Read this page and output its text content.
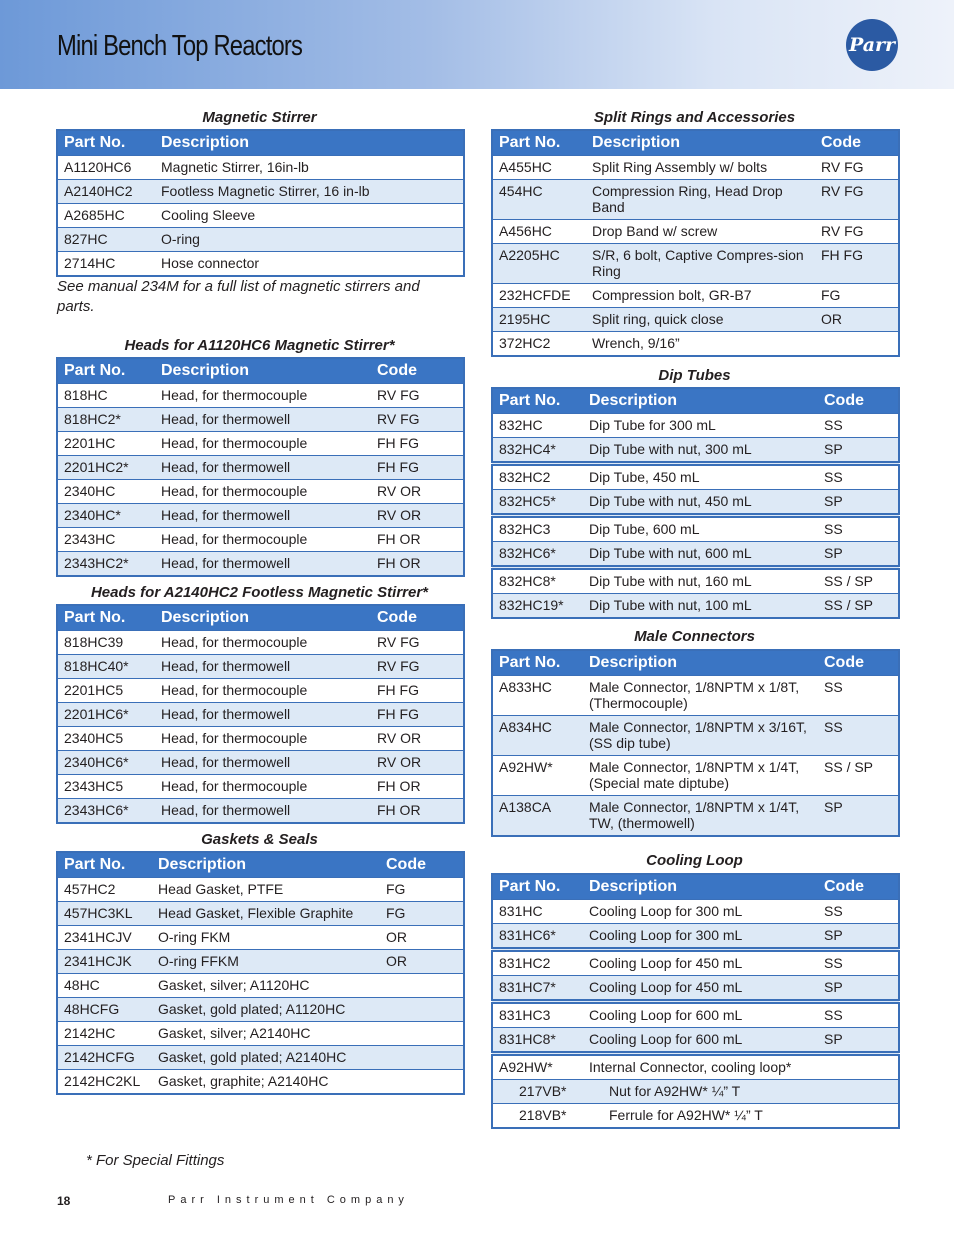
Mini Bench Top Reactors	Parr
Magnetic Stirrer
Part No.	Description
A1120HC6	Magnetic Stirrer, 16in-lb
A2140HC2	Footless Magnetic Stirrer, 16 in-lb
A2685HC	Cooling Sleeve
827HC	O-ring
2714HC	Hose connector
See manual 234M for a full list of magnetic stirrers and parts.
Heads for A1120HC6 Magnetic Stirrer*
Part No.	Description	Code
818HC	Head, for thermocouple	RV FG
818HC2*	Head, for thermowell	RV FG
2201HC	Head, for thermocouple	FH FG
2201HC2*	Head, for thermowell	FH FG
2340HC	Head, for thermocouple	RV OR
2340HC*	Head, for thermowell	RV OR
2343HC	Head, for thermocouple	FH OR
2343HC2*	Head, for thermowell	FH OR
Heads for A2140HC2 Footless Magnetic Stirrer*
Part No.	Description	Code
818HC39	Head, for thermocouple	RV FG
818HC40*	Head, for thermowell	RV FG
2201HC5	Head, for thermocouple	FH FG
2201HC6*	Head, for thermowell	FH FG
2340HC5	Head, for thermocouple	RV OR
2340HC6*	Head, for thermowell	RV OR
2343HC5	Head, for thermocouple	FH OR
2343HC6*	Head, for thermowell	FH OR
Gaskets & Seals
Part No.	Description	Code
457HC2	Head Gasket, PTFE	FG
457HC3KL	Head Gasket, Flexible Graphite	FG
2341HCJV	O-ring FKM	OR
2341HCJK	O-ring FFKM	OR
48HC	Gasket, silver; A1120HC	
48HCFG	Gasket, gold plated; A1120HC	
2142HC	Gasket, silver; A2140HC	
2142HCFG	Gasket, gold plated; A2140HC	
2142HC2KL	Gasket, graphite; A2140HC	
Split Rings and Accessories
Part No.	Description	Code
A455HC	Split Ring Assembly w/ bolts	RV FG
454HC	Compression Ring, Head Drop Band	RV FG
A456HC	Drop Band w/ screw	RV FG
A2205HC	S/R, 6 bolt, Captive Compres-sion Ring	FH FG
232HCFDE	Compression bolt, GR-B7	FG
2195HC	Split ring, quick close	OR
372HC2	Wrench, 9/16”	
Dip Tubes
Part No.	Description	Code
832HC	Dip Tube for 300 mL	SS
832HC4*	Dip Tube with nut, 300 mL	SP
832HC2	Dip Tube, 450 mL	SS
832HC5*	Dip Tube with nut, 450 mL	SP
832HC3	Dip Tube, 600 mL	SS
832HC6*	Dip Tube with nut, 600 mL	SP
832HC8*	Dip Tube with nut, 160 mL	SS / SP
832HC19*	Dip Tube with nut, 100 mL	SS / SP
Male Connectors
Part No.	Description	Code
A833HC	Male Connector, 1/8NPTM x 1/8T, (Thermocouple)	SS
A834HC	Male Connector, 1/8NPTM x 3/16T, (SS dip tube)	SS
A92HW*	Male Connector, 1/8NPTM x 1/4T, (Special mate diptube)	SS / SP
A138CA	Male Connector, 1/8NPTM x 1/4T, TW, (thermowell)	SP
Cooling Loop
Part No.	Description	Code
831HC	Cooling Loop for 300 mL	SS
831HC6*	Cooling Loop for 300 mL	SP
831HC2	Cooling Loop for 450 mL	SS
831HC7*	Cooling Loop for 450 mL	SP
831HC3	Cooling Loop for 600 mL	SS
831HC8*	Cooling Loop for 600 mL	SP
A92HW*	Internal Connector, cooling loop*	
217VB*	Nut for A92HW* ¼” T	
218VB*	Ferrule for A92HW* ¼” T	
* For Special Fittings
18	Parr Instrument Company
